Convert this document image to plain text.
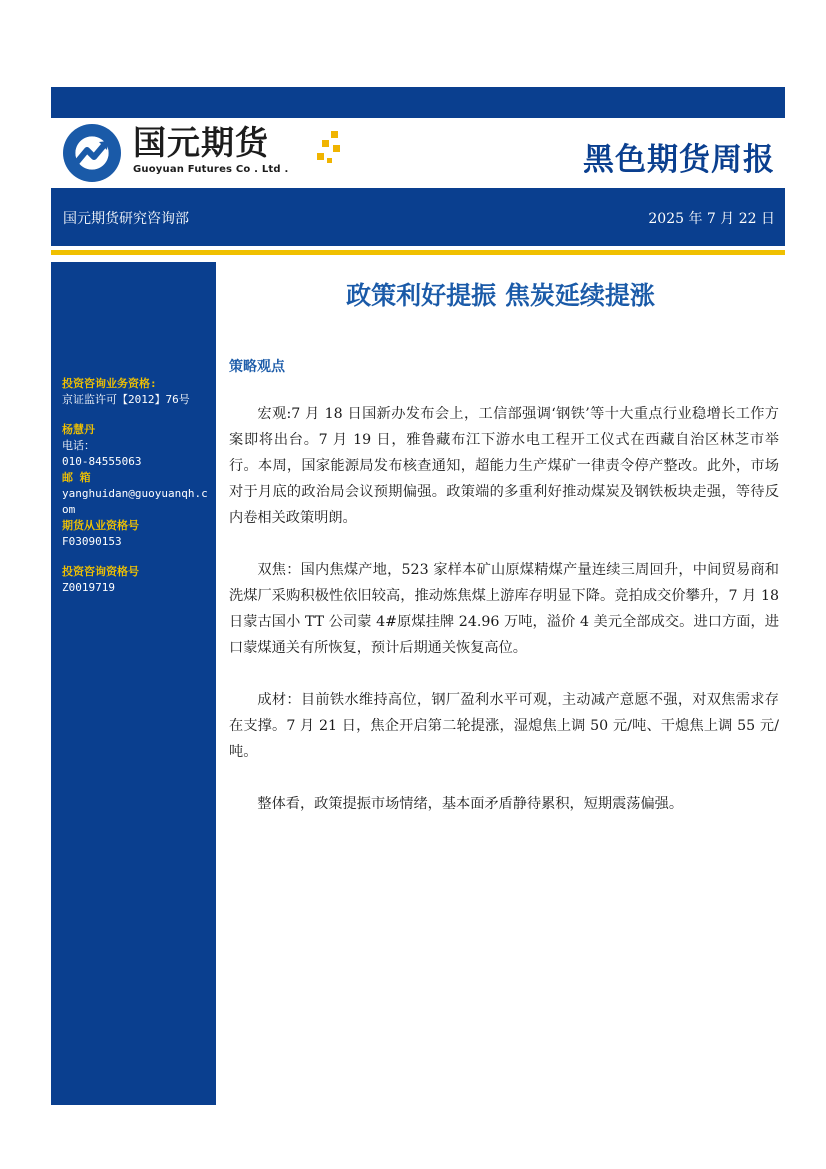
国元期货
Guoyuan Futures Co . Ltd .	黑色期货周报
国元期货研究咨询部	2025 年 7 月 22 日
投资咨询业务资格:
京证监许可【2012】76号
杨慧丹
电话：
010-84555063
邮 箱
yanghuidan@guoyuanqh.com
期货从业资格号
F03090153
投资咨询资格号
Z0019719
政策利好提振 焦炭延续提涨
策略观点

宏观:7 月 18 日国新办发布会上，工信部强调‘钢铁’等十大重点行业稳增长工作方案即将出台。7 月 19 日，雅鲁藏布江下游水电工程开工仪式在西藏自治区林芝市举行。本周，国家能源局发布核查通知，超能力生产煤矿一律责令停产整改。此外，市场对于月底的政治局会议预期偏强。政策端的多重利好推动煤炭及钢铁板块走强，等待反内卷相关政策明朗。

双焦：国内焦煤产地，523 家样本矿山原煤精煤产量连续三周回升，中间贸易商和洗煤厂采购积极性依旧较高，推动炼焦煤上游库存明显下降。竞拍成交价攀升，7 月 18 日蒙古国小 TT 公司蒙 4#原煤挂牌 24.96 万吨，溢价 4 美元全部成交。进口方面，进口蒙煤通关有所恢复，预计后期通关恢复高位。

成材：目前铁水维持高位，钢厂盈利水平可观，主动减产意愿不强，对双焦需求存在支撑。7 月 21 日，焦企开启第二轮提涨，湿熄焦上调 50 元/吨、干熄焦上调 55 元/吨。

整体看，政策提振市场情绪，基本面矛盾静待累积，短期震荡偏强。
